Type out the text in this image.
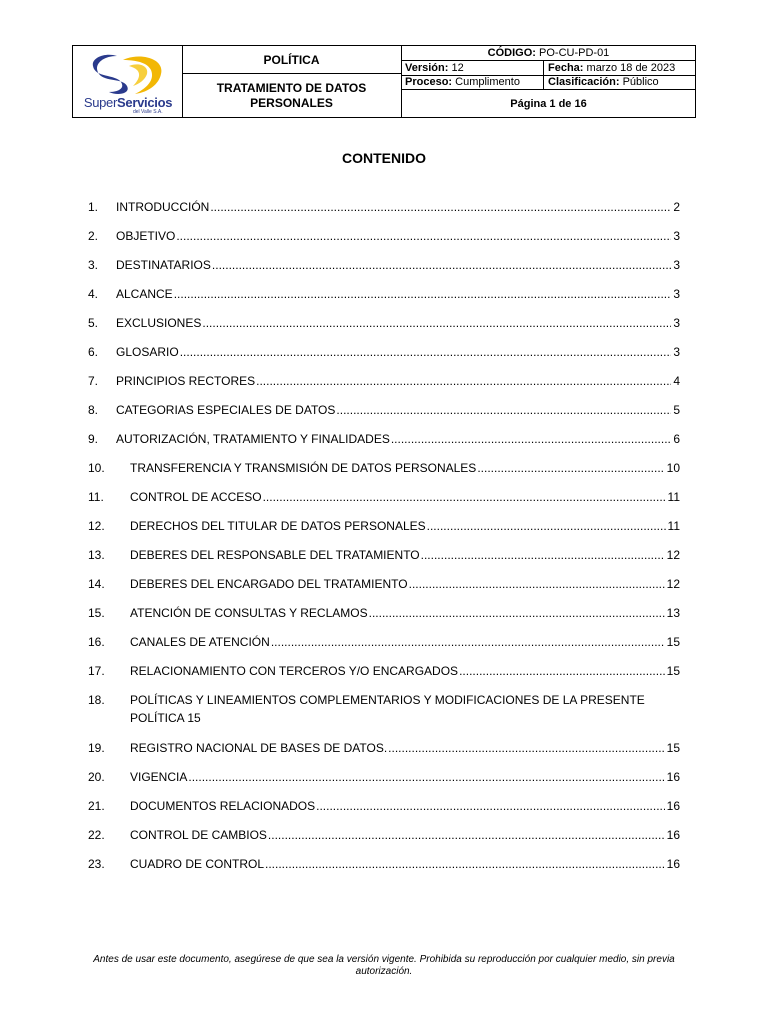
SuperServicios
del Valle S.A.
POLÍTICA
TRATAMIENTO DE DATOS PERSONALES
CÓDIGO: PO-CU-PD-01
Versión: 12	Fecha: marzo 18 de 2023
Proceso: Cumplimento	Clasificación: Público
Página 1 de 16
CONTENIDO
1. INTRODUCCIÓN .....	2
2. OBJETIVO .....	3
3. DESTINATARIOS .....	3
4. ALCANCE .....	3
5. EXCLUSIONES .....	3
6. GLOSARIO .....	3
7. PRINCIPIOS RECTORES .....	4
8. CATEGORIAS ESPECIALES DE DATOS .....	5
9. AUTORIZACIÓN, TRATAMIENTO Y FINALIDADES .....	6
10. TRANSFERENCIA Y TRANSMISIÓN DE DATOS PERSONALES .....	10
11. CONTROL DE ACCESO .....	11
12. DERECHOS DEL TITULAR DE DATOS PERSONALES .....	11
13. DEBERES DEL RESPONSABLE DEL TRATAMIENTO .....	12
14. DEBERES DEL ENCARGADO DEL TRATAMIENTO .....	12
15. ATENCIÓN DE CONSULTAS Y RECLAMOS .....	13
16. CANALES DE ATENCIÓN .....	15
17. RELACIONAMIENTO CON TERCEROS Y/O ENCARGADOS .....	15
18. POLÍTICAS Y LINEAMIENTOS COMPLEMENTARIOS Y MODIFICACIONES DE LA PRESENTE POLÍTICA 15
19. REGISTRO NACIONAL DE BASES DE DATOS. .....	15
20. VIGENCIA .....	16
21. DOCUMENTOS RELACIONADOS .....	16
22. CONTROL DE CAMBIOS .....	16
23. CUADRO DE CONTROL .....	16
Antes de usar este documento, asegúrese de que sea la versión vigente. Prohibida su reproducción por cualquier medio, sin previa autorización.
